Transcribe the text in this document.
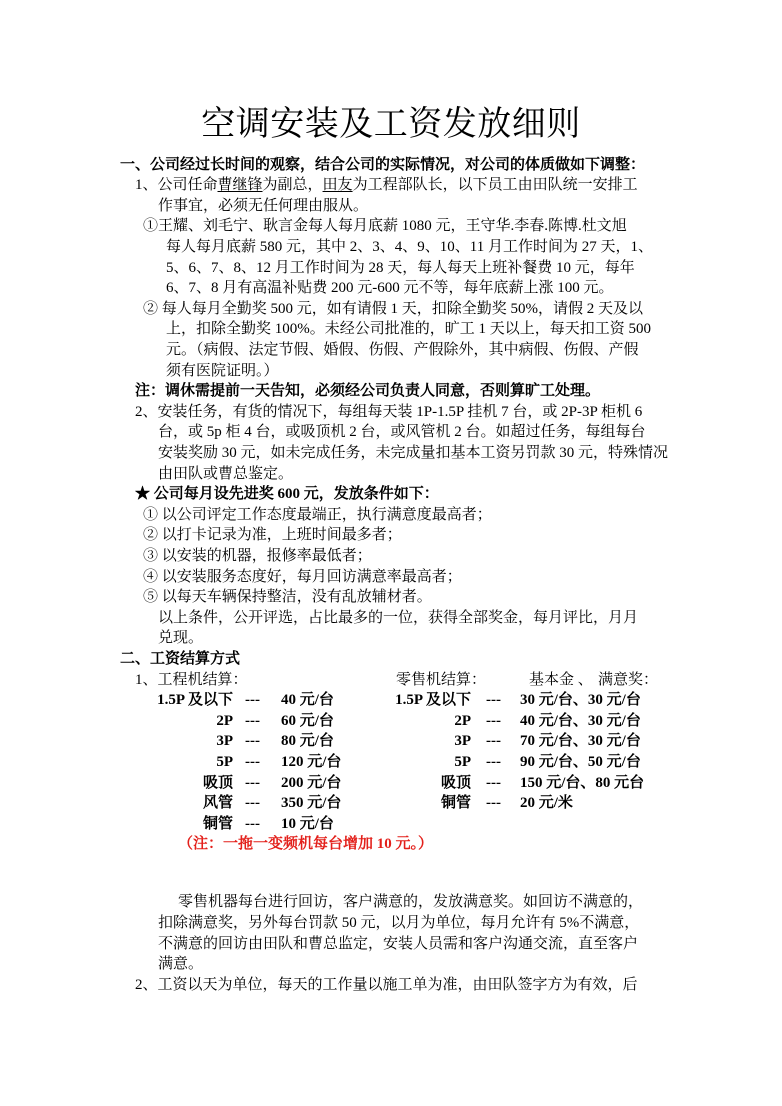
空调安装及工资发放细则
一、公司经过长时间的观察，结合公司的实际情况，对公司的体质做如下调整：
1、公司任命曹继锋为副总，田友为工程部队长，以下员工由田队统一安排工
作事宜，必须无任何理由服从。
①王耀、刘毛宁、耿言金每人每月底薪 1080 元，王守华.李春.陈博.杜文旭
每人每月底薪 580 元，其中 2、3、4、9、10、11 月工作时间为 27 天，1、
5、6、7、8、12 月工作时间为 28 天，每人每天上班补餐费 10 元，每年
6、7、8 月有高温补贴费 200 元-600 元不等，每年底薪上涨 100 元。
② 每人每月全勤奖 500 元，如有请假 1 天，扣除全勤奖 50%，请假 2 天及以
上，扣除全勤奖 100%。未经公司批准的，旷工 1 天以上，每天扣工资 500
元。（病假、法定节假、婚假、伤假、产假除外，其中病假、伤假、产假
须有医院证明。）
注：调休需提前一天告知，必须经公司负责人同意，否则算旷工处理。
2、安装任务，有货的情况下，每组每天装 1P-1.5P 挂机 7 台，或 2P-3P 柜机 6
台，或 5p 柜 4 台，或吸顶机 2 台，或风管机 2 台。如超过任务，每组每台
安装奖励 30 元，如未完成任务，未完成量扣基本工资另罚款 30 元，特殊情况
由田队或曹总鉴定。
★ 公司每月设先进奖 600 元，发放条件如下：
① 以公司评定工作态度最端正，执行满意度最高者；
② 以打卡记录为准，上班时间最多者；
③ 以安装的机器，报修率最低者；
④ 以安装服务态度好，每月回访满意率最高者；
⑤ 以每天车辆保持整洁，没有乱放辅材者。
以上条件，公开评选，占比最多的一位，获得全部奖金，每月评比，月月
兑现。
二、工资结算方式
1、工程机结算：	零售机结算：	基本金 、 满意奖：
1.5P 及以下 --- 40 元/台	1.5P 及以下 --- 30 元/台、30 元/台
2P --- 60 元/台	2P --- 40 元/台、30 元/台
3P --- 80 元/台	3P --- 70 元/台、30 元/台
5P --- 120 元/台	5P --- 90 元/台、50 元/台
吸顶 --- 200 元/台	吸顶 --- 150 元/台、80 元台
风管 --- 350 元/台	铜管 --- 20 元/米
铜管 --- 10 元/台
（注：一拖一变频机每台增加 10 元。）
零售机器每台进行回访，客户满意的，发放满意奖。如回访不满意的，
扣除满意奖，另外每台罚款 50 元，以月为单位，每月允许有 5%不满意，
不满意的回访由田队和曹总监定，安装人员需和客户沟通交流，直至客户
满意。
2、工资以天为单位，每天的工作量以施工单为准，由田队签字方为有效，后
